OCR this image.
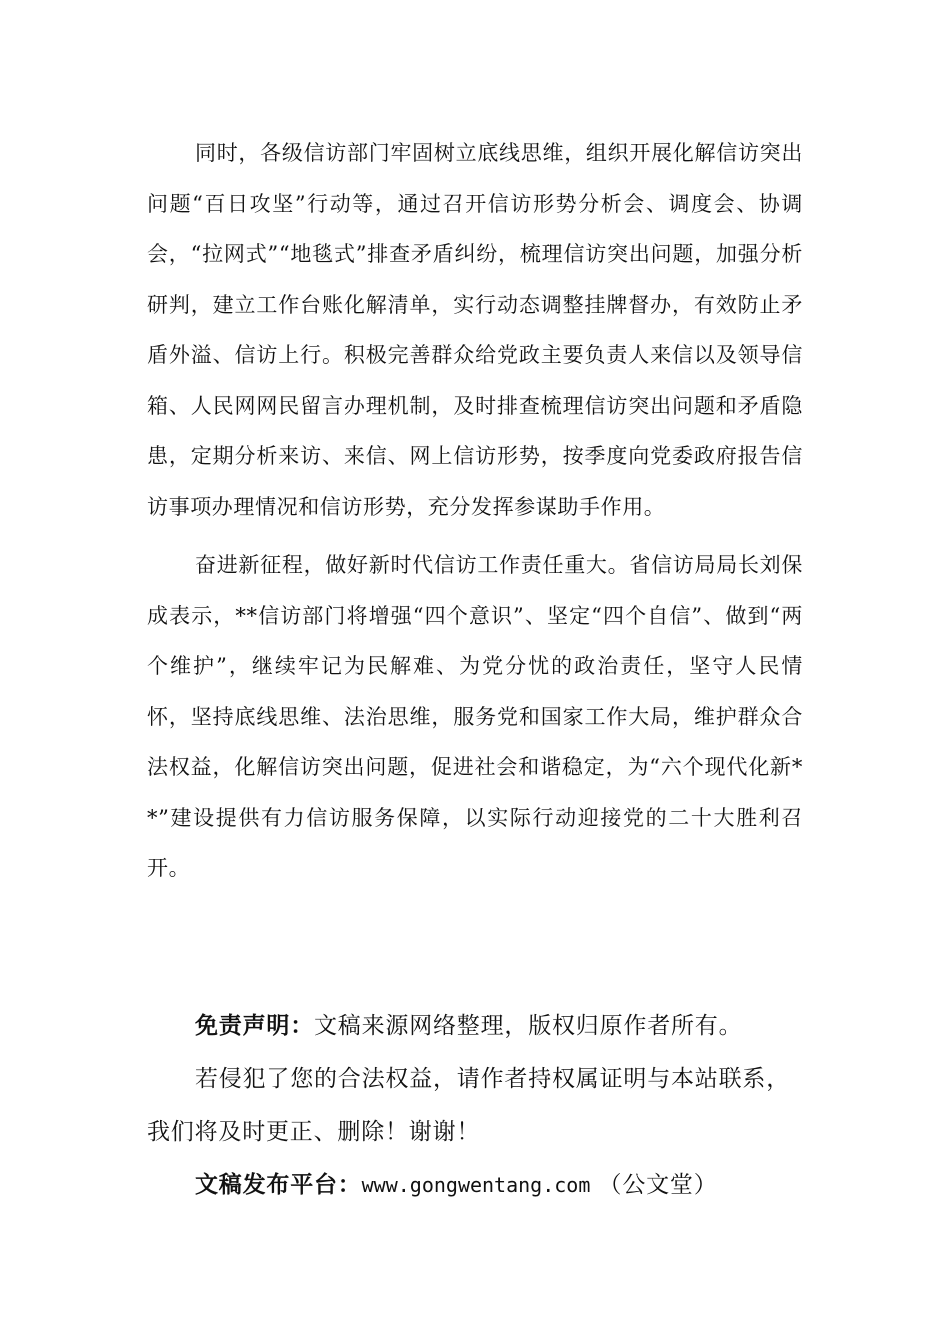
同时，各级信访部门牢固树立底线思维，组织开展化解信访突出问题“百日攻坚”行动等，通过召开信访形势分析会、调度会、协调会，“拉网式”“地毯式”排查矛盾纠纷，梳理信访突出问题，加强分析研判，建立工作台账化解清单，实行动态调整挂牌督办，有效防止矛盾外溢、信访上行。积极完善群众给党政主要负责人来信以及领导信箱、人民网网民留言办理机制，及时排查梳理信访突出问题和矛盾隐患，定期分析来访、来信、网上信访形势，按季度向党委政府报告信访事项办理情况和信访形势，充分发挥参谋助手作用。

奋进新征程，做好新时代信访工作责任重大。省信访局局长刘保成表示，**信访部门将增强“四个意识”、坚定“四个自信”、做到“两个维护”，继续牢记为民解难、为党分忧的政治责任，坚守人民情怀，坚持底线思维、法治思维，服务党和国家工作大局，维护群众合法权益，化解信访突出问题，促进社会和谐稳定，为“六个现代化新**”建设提供有力信访服务保障，以实际行动迎接党的二十大胜利召开。

免责声明：文稿来源网络整理，版权归原作者所有。

若侵犯了您的合法权益，请作者持权属证明与本站联系，我们将及时更正、删除！谢谢！

文稿发布平台：www.gongwentang.com （公文堂）
